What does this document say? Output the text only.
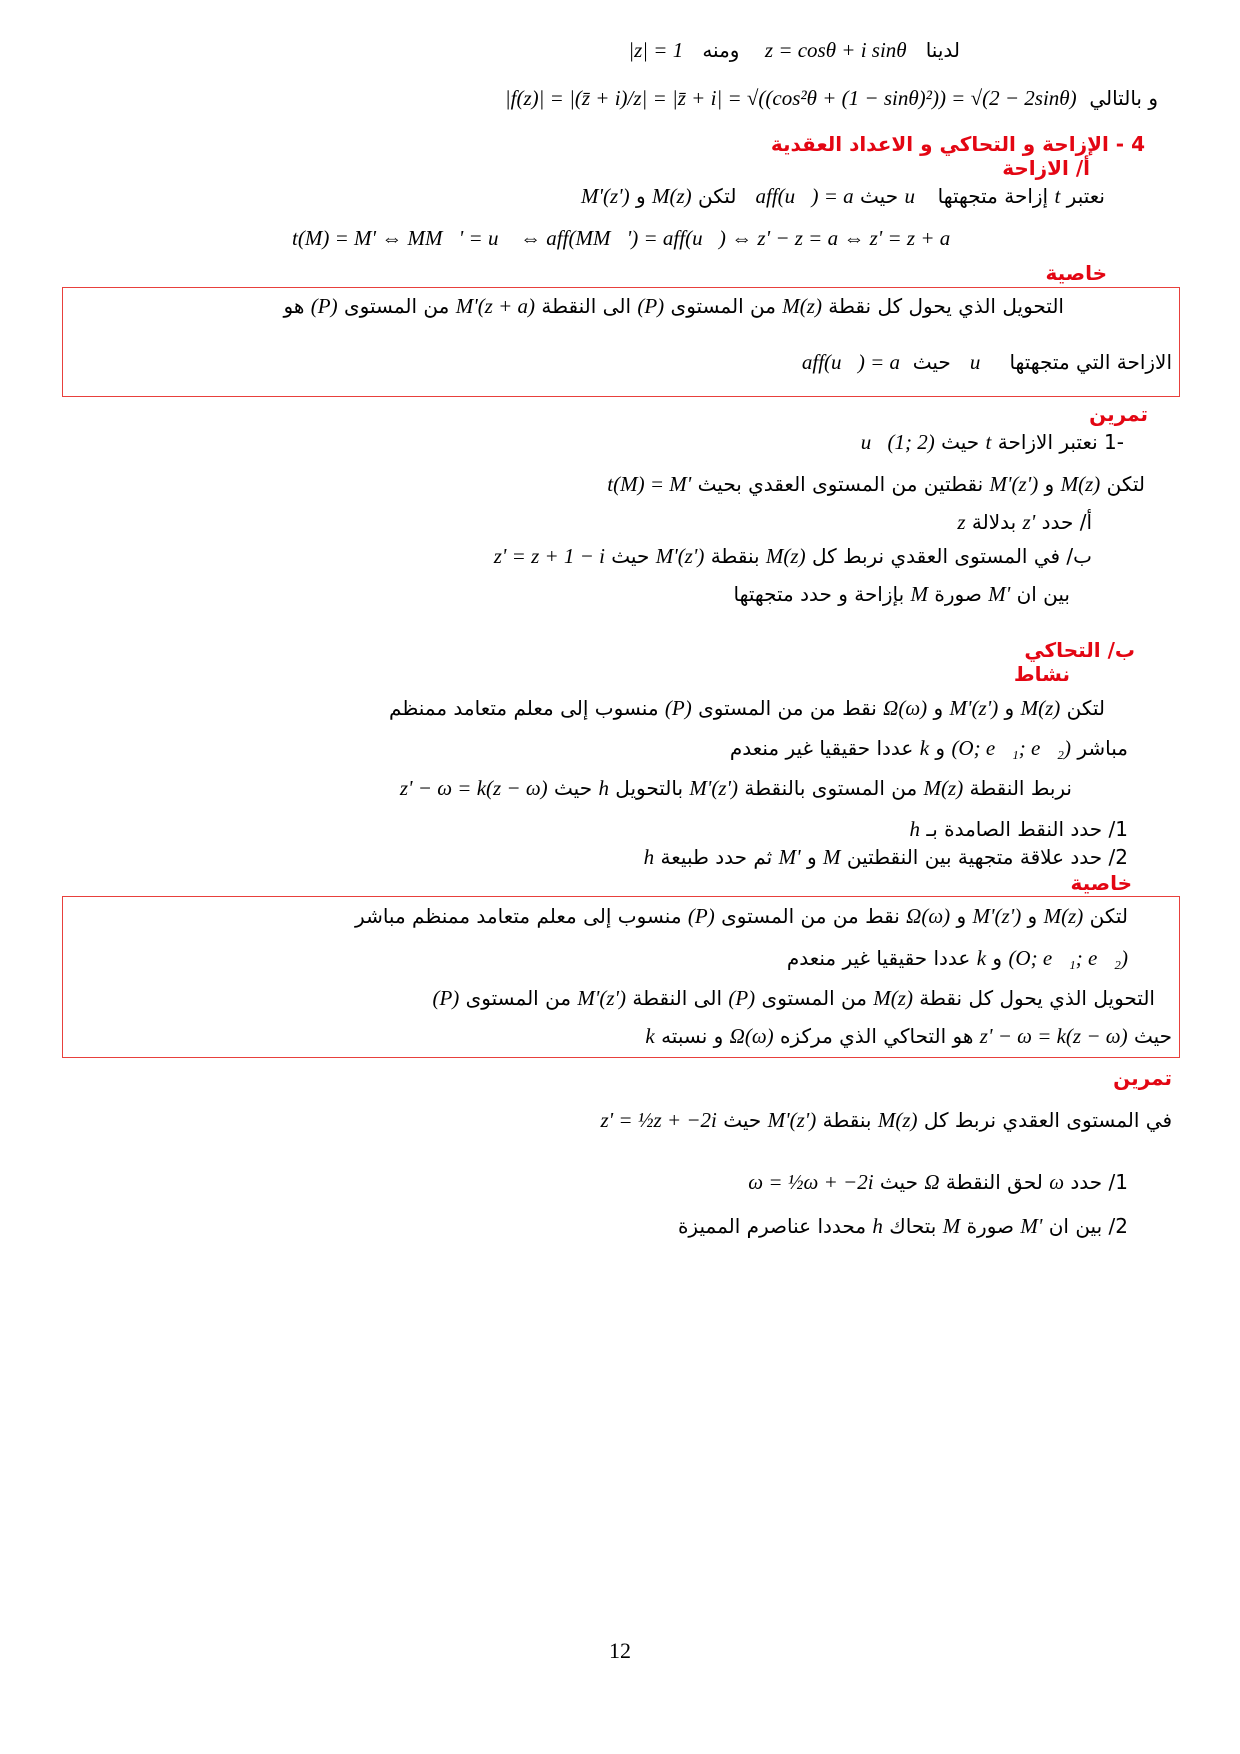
لدينا   z = cosθ + i sinθ    ومنه   |z| = 1
و بالتالي  |f(z)| = |(z̄ + i)/z| = |z̄ + i| = √((cos²θ + (1 − sinθ)²)) = √(2 − 2sinθ)
4 - الإزاحة و التحاكي و الاعداد العقدية
أ/ الازاحة
نعتبر t إزاحة متجهتها u⃗ حيث aff(u⃗) = a   لتكن M(z) و M'(z')
t(M) = M' ⇔ MM⃗' = u⃗ ⇔ aff(MM⃗') = aff(u⃗) ⇔ z' − z = a ⇔ z' = z + a
خاصية
التحويل الذي يحول كل نقطة M(z) من المستوى (P) الى النقطة M'(z + a) من المستوى (P) هو
الازاحة التي متجهتها  u⃗   حيث  aff(u⃗) = a
تمرين
-1 نعتبر الازاحة t حيث u⃗(1; 2)
لتكن M(z) و M'(z') نقطتين من المستوى العقدي بحيث t(M) = M'
أ/ حدد z' بدلالة z
ب/ في المستوى العقدي نربط كل M(z) بنقطة M'(z') حيث z' = z + 1 − i
بين ان M' صورة M بإزاحة و حدد متجهتها
ب/ التحاكي
نشاط
لتكن M(z) و M'(z') و Ω(ω) نقط من من المستوى (P) منسوب إلى معلم متعامد ممنظم
مباشر (O; e⃗₁; e⃗₂) و k عددا حقيقيا غير منعدم
نربط النقطة M(z) من المستوى بالنقطة M'(z') بالتحويل h حيث z' − ω = k(z − ω)
1/ حدد النقط الصامدة بـ h
2/ حدد علاقة متجهية بين النقطتين M و M' ثم حدد طبيعة h
خاصية
لتكن M(z) و M'(z') و Ω(ω) نقط من من المستوى (P) منسوب إلى معلم متعامد ممنظم مباشر
(O; e⃗₁; e⃗₂) و k عددا حقيقيا غير منعدم
التحويل الذي يحول كل نقطة M(z) من المستوى (P) الى النقطة M'(z') من المستوى (P)
حيث z' − ω = k(z − ω) هو التحاكي الذي مركزه Ω(ω) و نسبته k
تمرين
في المستوى العقدي نربط كل M(z) بنقطة M'(z') حيث z' = ½z + −2i
1/ حدد ω لحق النقطة Ω حيث ω = ½ω + −2i
2/ بين ان M' صورة M بتحاك h محددا عناصرم المميزة
12
